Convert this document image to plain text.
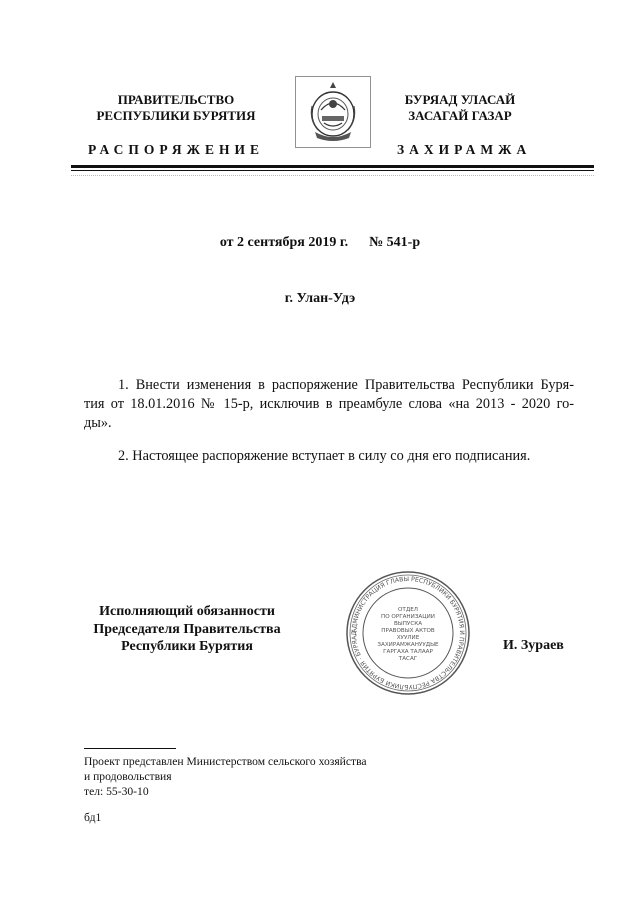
ПРАВИТЕЛЬСТВО
РЕСПУБЛИКИ БУРЯТИЯ
БУРЯАД УЛАСАЙ
ЗАСАГАЙ ГАЗАР
РАСПОРЯЖЕНИЕ	ЗАХИРАМЖА
от 2 сентября 2019 г. № 541-р
г. Улан-Удэ

1. Внести изменения в распоряжение Правительства Республики Буря-

тия от 18.01.2016 № 15-р, исключив в преамбуле слова «на 2013 - 2020 го-

ды».

2. Настоящее распоряжение вступает в силу со дня его подписания.

Исполняющий обязанности
Председателя Правительства
Республики Бурятия
АДМИНИСТРАЦИЯ ГЛАВЫ РЕСПУБЛИКИ БУРЯТИЯ И ПРАВИТЕЛЬСТВА РЕСПУБЛИКИ БУРЯТИЯ · БУРЯАД
ОТДЕЛ
ПО ОРГАНИЗАЦИИ
ВЫПУСКА
ПРАВОВЫХ АКТОВ
ХУУЛИЕ
ЗАХИРАМЖАНУУДЫЕ
ГАРГАХА ТАЛААР
ТАСАГ
И. Зураев
Проект представлен Министерством сельского хозяйства
и продовольствия
тел: 55-30-10
бд1
